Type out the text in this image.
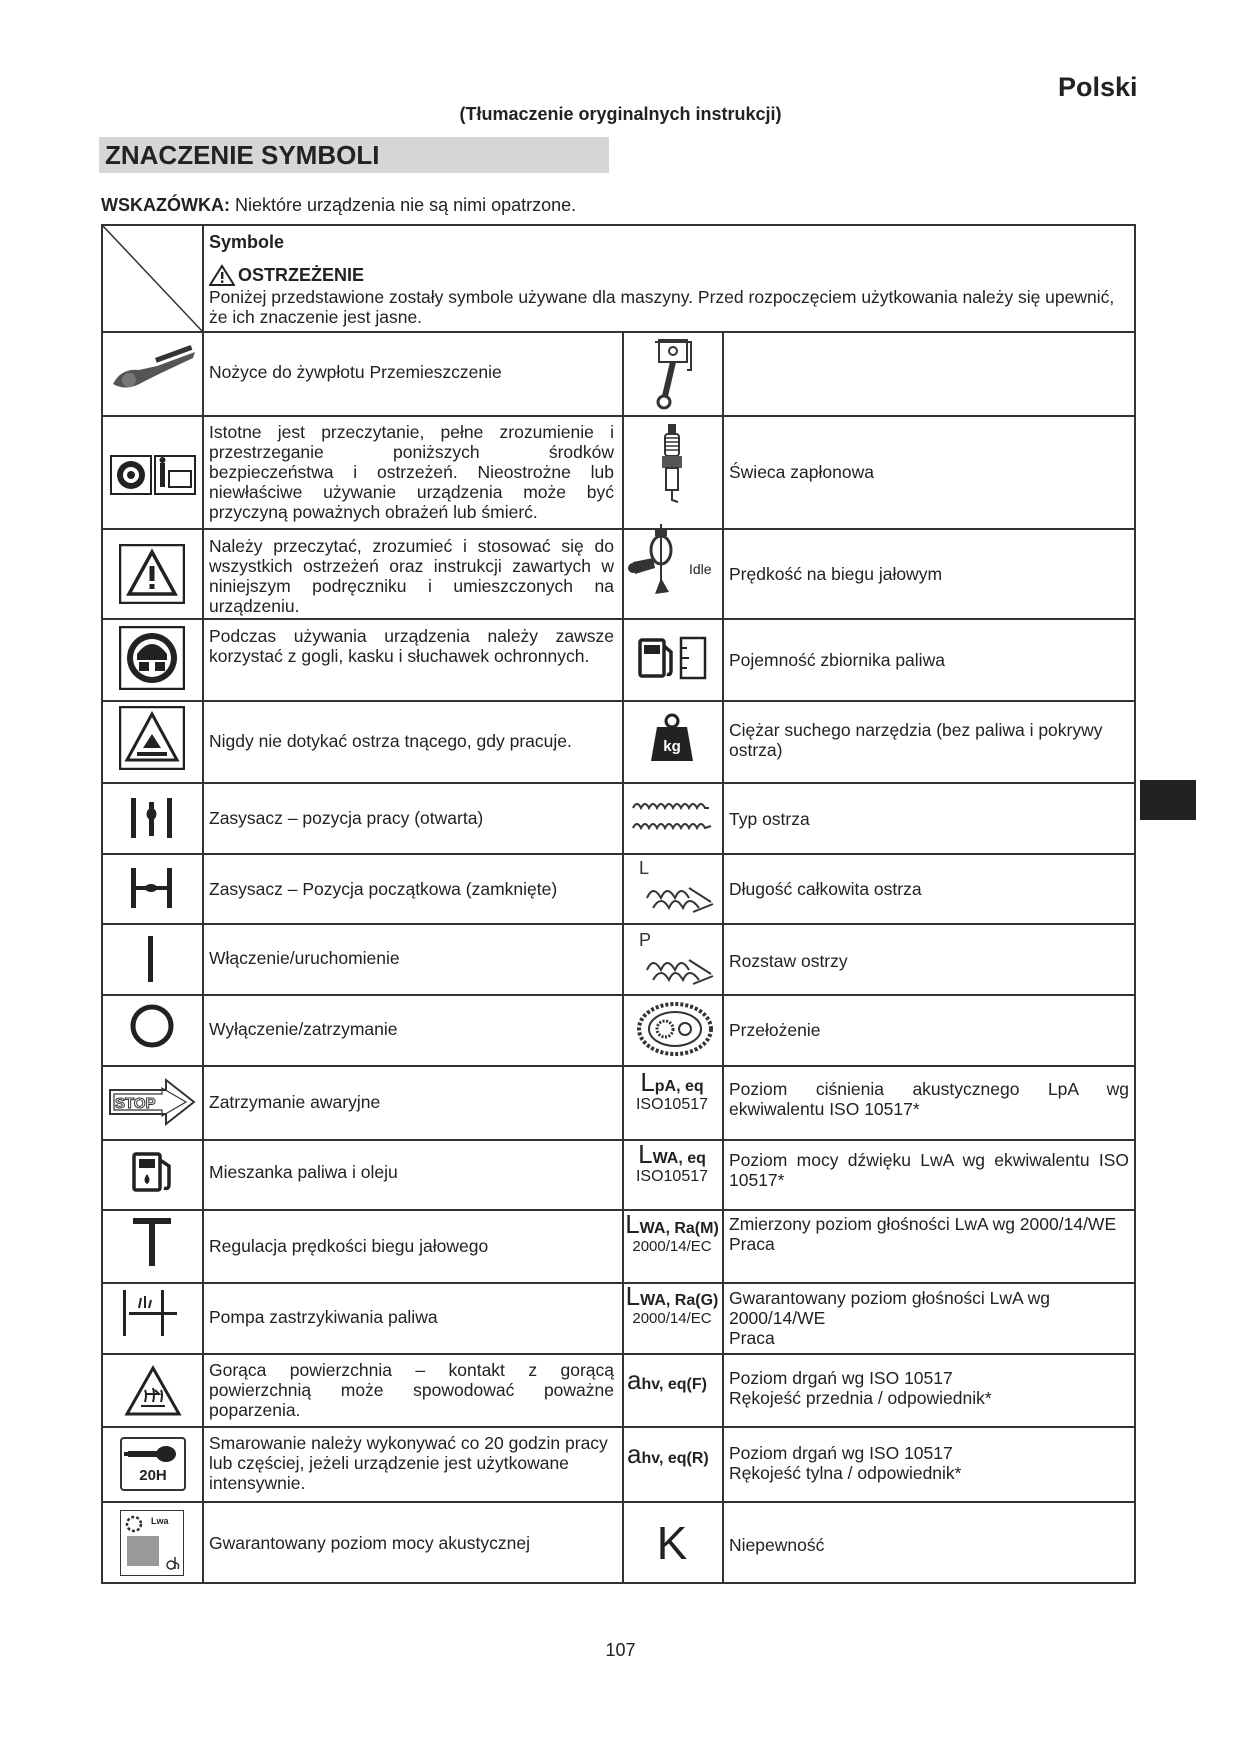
Polski
(Tłumaczenie oryginalnych instrukcji)
ZNACZENIE SYMBOLI
WSKAZÓWKA: Niektóre urządzenia nie są nimi opatrzone.
Symbole
OSTRZEŻENIE
Poniżej przedstawione zostały symbole używane dla maszyny. Przed rozpoczęciem użytkowania należy się upewnić, że ich znaczenie jest jasne.
Nożyce do żywpłotu Przemieszczenie
Istotne jest przeczytanie, pełne zrozumienie i przestrzeganie poniższych środków bezpieczeństwa i ostrzeżeń. Nieostrożne lub niewłaściwe używanie urządzenia może być przyczyną poważnych obrażeń lub śmierć.
Należy przeczytać, zrozumieć i stosować się do wszystkich ostrzeżeń oraz instrukcji zawartych w niniejszym podręczniku i umieszczonych na urządzeniu.
Podczas używania urządzenia należy zawsze korzystać z gogli, kasku i słuchawek ochronnych.
Nigdy nie dotykać ostrza tnącego, gdy pracuje.
Zasysacz – pozycja pracy (otwarta)
Zasysacz – Pozycja początkowa (zamknięte)
Włączenie/uruchomienie
Wyłączenie/zatrzymanie
Zatrzymanie awaryjne
Mieszanka paliwa i oleju
Regulacja prędkości biegu jałowego
Pompa zastrzykiwania paliwa
Gorąca powierzchnia – kontakt z gorącą powierzchnią może spowodować poważne poparzenia.
Smarowanie należy wykonywać co 20 godzin pracy lub częściej, jeżeli urządzenie jest użytkowane intensywnie.
Gwarantowany poziom mocy akustycznej
Świeca zapłonowa
Prędkość na biegu jałowym
Pojemność zbiornika paliwa
Ciężar suchego narzędzia (bez paliwa i pokrywy ostrza)
Typ ostrza
Długość całkowita ostrza
Rozstaw ostrzy
Przełożenie
Poziom ciśnienia akustycznego LpA wg ekwiwalentu ISO 10517*
Poziom mocy dźwięku LwA wg ekwiwalentu ISO 10517*
Zmierzony poziom głośności LwA wg 2000/14/WE
Praca
Gwarantowany poziom głośności LwA wg 2000/14/WE
Praca
Poziom drgań wg ISO 10517
Rękojeść przednia / odpowiednik*
Poziom drgań wg ISO 10517
Rękojeść tylna / odpowiednik*
Niepewność
STOP
20H
Lwa
Idle
kg
L
P
LpA, eq
ISO10517
LWA, eq
ISO10517
LWA, Ra(M)
2000/14/EC
LWA, Ra(G)
2000/14/EC
ahv, eq(F)
ahv, eq(R)
K
107
